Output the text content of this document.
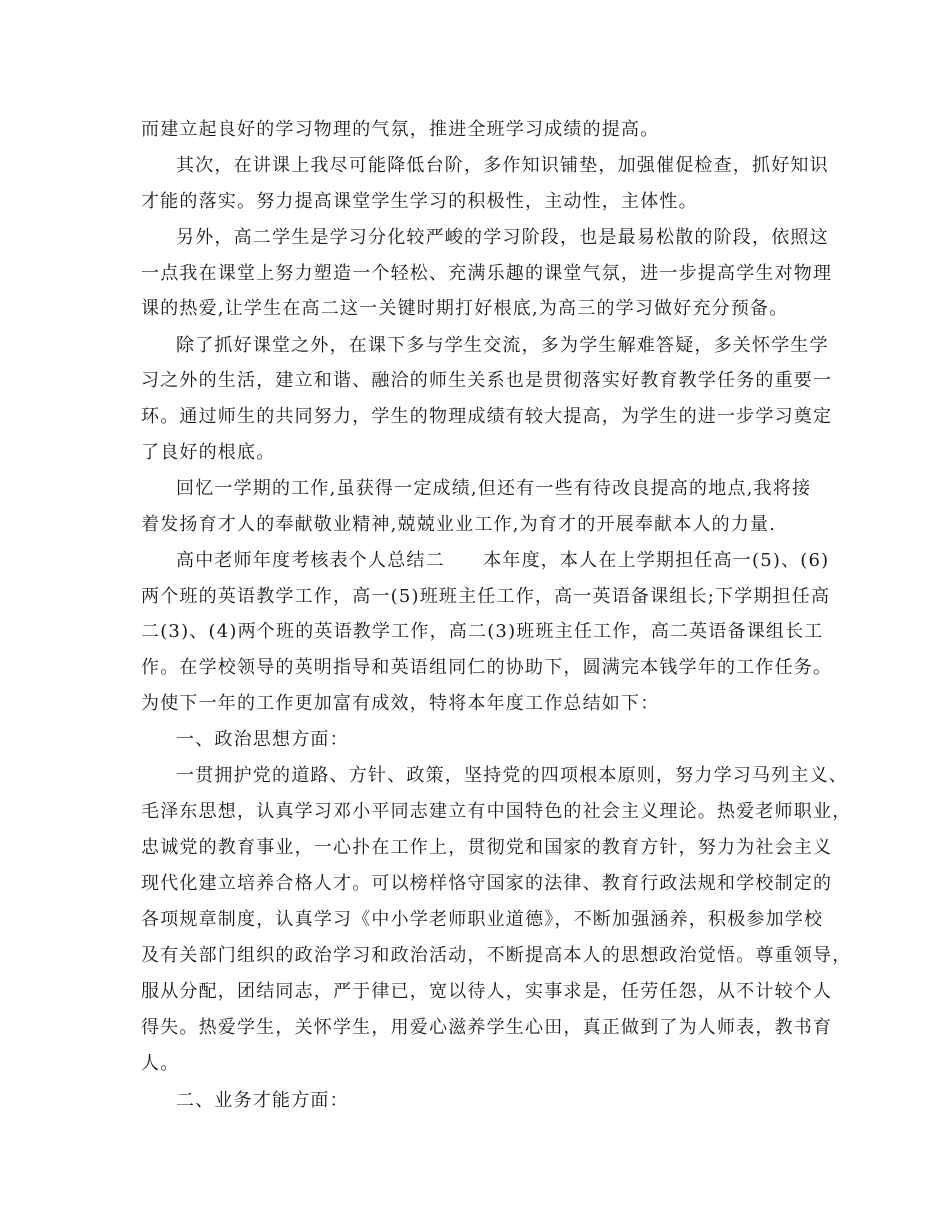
而建立起良好的学习物理的气氛，推进全班学习成绩的提高。
其次，在讲课上我尽可能降低台阶，多作知识铺垫，加强催促检查，抓好知识
才能的落实。努力提高课堂学生学习的积极性，主动性，主体性。
另外，高二学生是学习分化较严峻的学习阶段，也是最易松散的阶段，依照这
一点我在课堂上努力塑造一个轻松、充满乐趣的课堂气氛，进一步提高学生对物理
课的热爱,让学生在高二这一关键时期打好根底,为高三的学习做好充分预备。
除了抓好课堂之外，在课下多与学生交流，多为学生解难答疑，多关怀学生学
习之外的生活，建立和谐、融洽的师生关系也是贯彻落实好教育教学任务的重要一
环。通过师生的共同努力，学生的物理成绩有较大提高，为学生的进一步学习奠定
了良好的根底。
回忆一学期的工作,虽获得一定成绩,但还有一些有待改良提高的地点,我将接
着发扬育才人的奉献敬业精神,兢兢业业工作,为育才的开展奉献本人的力量.
高中老师年度考核表个人总结二　　本年度，本人在上学期担任高一(5)、(6)
两个班的英语教学工作，高一(5)班班主任工作，高一英语备课组长;下学期担任高
二(3)、(4)两个班的英语教学工作，高二(3)班班主任工作，高二英语备课组长工
作。在学校领导的英明指导和英语组同仁的协助下，圆满完本钱学年的工作任务。
为使下一年的工作更加富有成效，特将本年度工作总结如下：
一、政治思想方面：
一贯拥护党的道路、方针、政策，坚持党的四项根本原则，努力学习马列主义、
毛泽东思想，认真学习邓小平同志建立有中国特色的社会主义理论。热爱老师职业，
忠诚党的教育事业，一心扑在工作上，贯彻党和国家的教育方针，努力为社会主义
现代化建立培养合格人才。可以榜样恪守国家的法律、教育行政法规和学校制定的
各项规章制度，认真学习《中小学老师职业道德》，不断加强涵养，积极参加学校
及有关部门组织的政治学习和政治活动，不断提高本人的思想政治觉悟。尊重领导，
服从分配，团结同志，严于律已，宽以待人，实事求是，任劳任怨，从不计较个人
得失。热爱学生，关怀学生，用爱心滋养学生心田，真正做到了为人师表，教书育
人。
二、业务才能方面：
